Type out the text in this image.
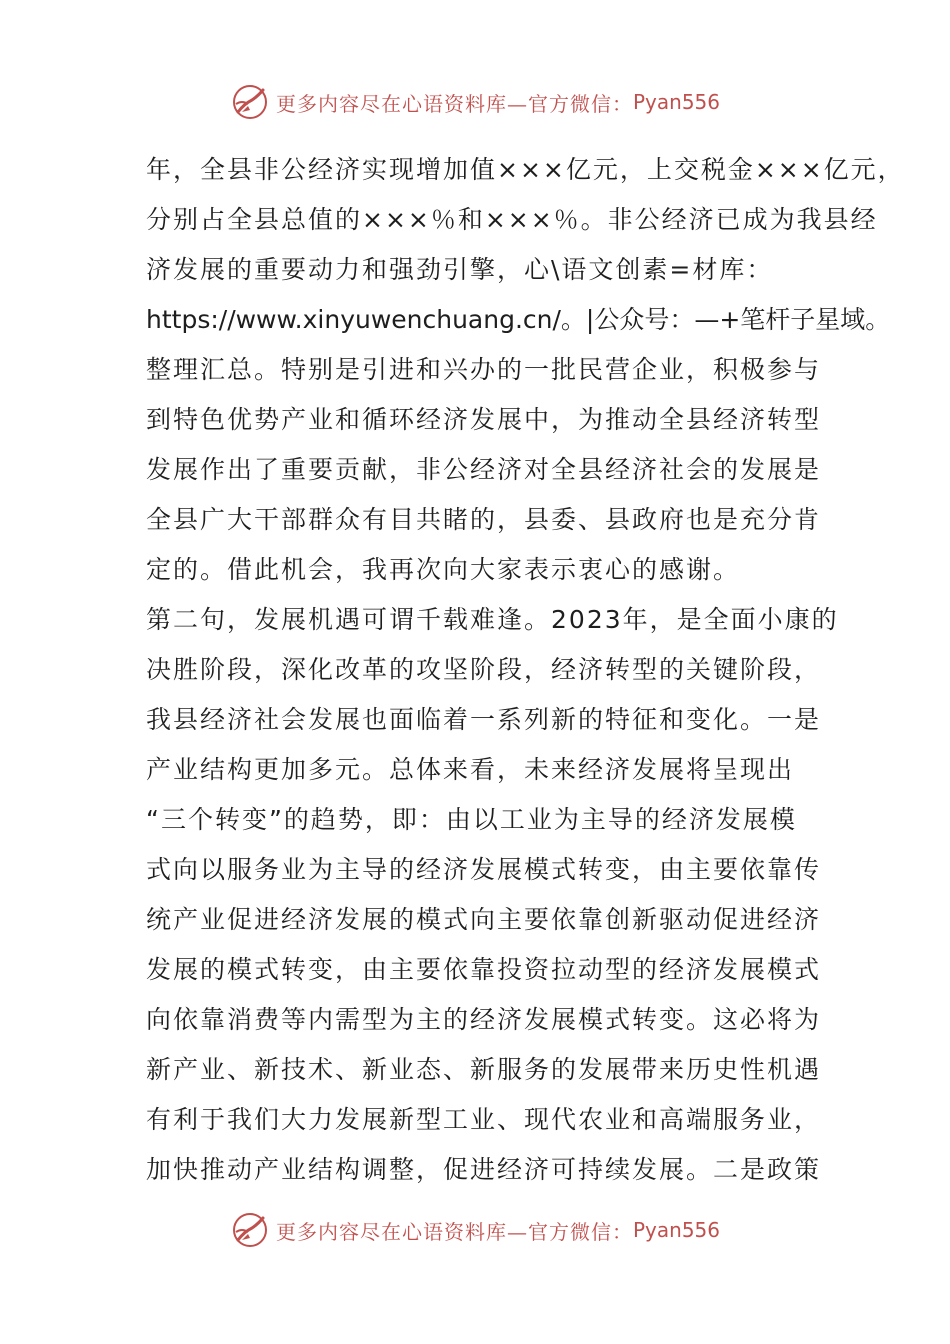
更多内容尽在心语资料库—官方微信： Pyan556
年，全县非公经济实现增加值×××亿元，上交税金×××亿元，
分别占全县总值的×××％和×××％。非公经济已成为我县经
济发展的重要动力和强劲引擎，心\语文创素=材库：
https://www.xinyuwenchuang.cn/。|公众号：—+笔杆子星域。
整理汇总。特别是引进和兴办的一批民营企业，积极参与
到特色优势产业和循环经济发展中，为推动全县经济转型
发展作出了重要贡献，非公经济对全县经济社会的发展是
全县广大干部群众有目共睹的，县委、县政府也是充分肯
定的。借此机会，我再次向大家表示衷心的感谢。
第二句，发展机遇可谓千载难逢。2023年，是全面小康的
决胜阶段，深化改革的攻坚阶段，经济转型的关键阶段，
我县经济社会发展也面临着一系列新的特征和变化。一是
产业结构更加多元。总体来看，未来经济发展将呈现出
“三个转变”的趋势，即：由以工业为主导的经济发展模
式向以服务业为主导的经济发展模式转变，由主要依靠传
统产业促进经济发展的模式向主要依靠创新驱动促进经济
发展的模式转变，由主要依靠投资拉动型的经济发展模式
向依靠消费等内需型为主的经济发展模式转变。这必将为
新产业、新技术、新业态、新服务的发展带来历史性机遇
有利于我们大力发展新型工业、现代农业和高端服务业，
加快推动产业结构调整，促进经济可持续发展。二是政策
更多内容尽在心语资料库—官方微信： Pyan556
